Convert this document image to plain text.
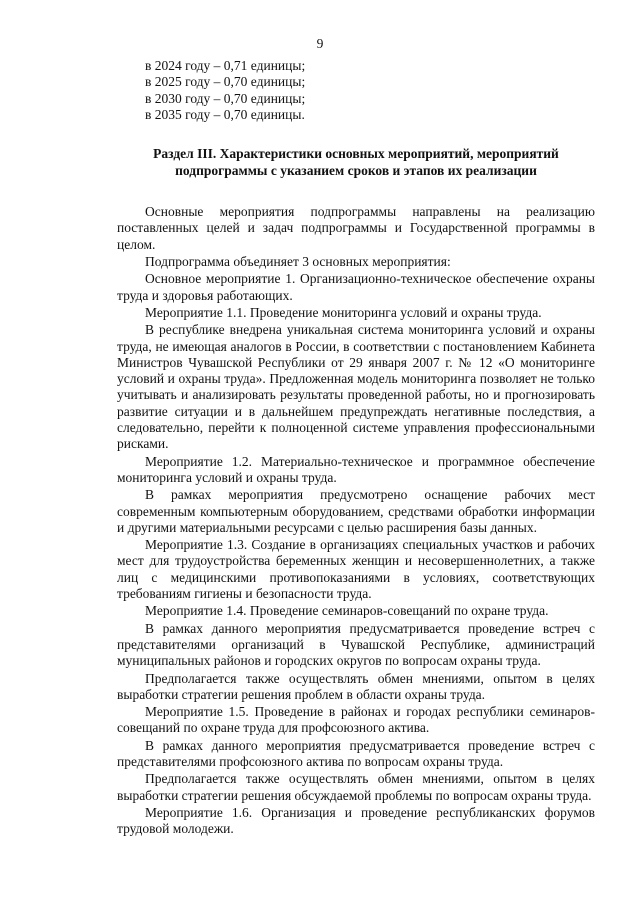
9
в 2024 году – 0,71 единицы;
в 2025 году – 0,70 единицы;
в 2030 году – 0,70 единицы;
в 2035 году – 0,70 единицы.
Раздел III. Характеристики основных мероприятий, мероприятий
подпрограммы с указанием сроков и этапов их реализации

Основные мероприятия подпрограммы направлены на реализацию поставленных целей и задач подпрограммы и Государственной программы в целом.

Подпрограмма объединяет 3 основных мероприятия:

Основное мероприятие 1. Организационно-техническое обеспечение охраны труда и здоровья работающих.

Мероприятие 1.1. Проведение мониторинга условий и охраны труда.

В республике внедрена уникальная система мониторинга условий и охраны труда, не имеющая аналогов в России, в соответствии с постановлением Кабинета Министров Чувашской Республики от 29 января 2007 г. № 12 «О мониторинге условий и охраны труда». Предложенная модель мониторинга позволяет не только учитывать и анализировать результаты проведенной работы, но и прогнозировать развитие ситуации и в дальнейшем предупреждать негативные последствия, а следовательно, перейти к полноценной системе управления профессиональными рисками.

Мероприятие 1.2. Материально-техническое и программное обеспечение мониторинга условий и охраны труда.

В рамках мероприятия предусмотрено оснащение рабочих мест современным компьютерным оборудованием, средствами обработки информации и другими материальными ресурсами с целью расширения базы данных.

Мероприятие 1.3. Создание в организациях специальных участков и рабочих мест для трудоустройства беременных женщин и несовершеннолетних, а также лиц с медицинскими противопоказаниями в условиях, соответствующих требованиям гигиены и безопасности труда.

Мероприятие 1.4. Проведение семинаров-совещаний по охране труда.

В рамках данного мероприятия предусматривается проведение встреч с представителями организаций в Чувашской Республике, администраций муниципальных районов и городских округов по вопросам охраны труда.

Предполагается также осуществлять обмен мнениями, опытом в целях выработки стратегии решения проблем в области охраны труда.

Мероприятие 1.5. Проведение в районах и городах республики семинаров-совещаний по охране труда для профсоюзного актива.

В рамках данного мероприятия предусматривается проведение встреч с представителями профсоюзного актива по вопросам охраны труда.

Предполагается также осуществлять обмен мнениями, опытом в целях выработки стратегии решения обсуждаемой проблемы по вопросам охраны труда.

Мероприятие 1.6. Организация и проведение республиканских форумов трудовой молодежи.
